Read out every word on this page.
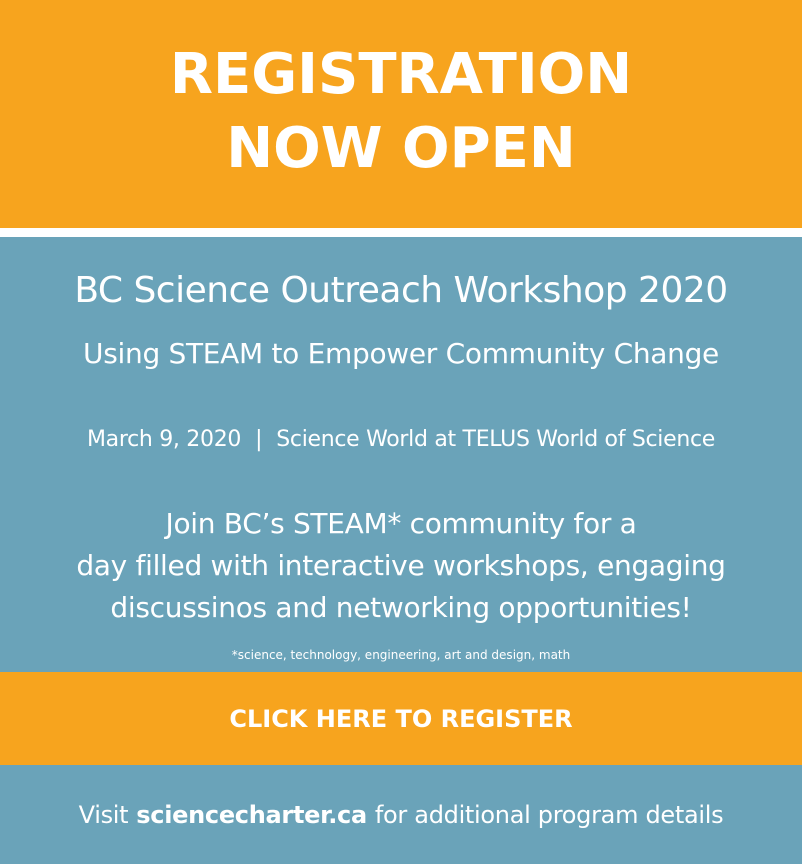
REGISTRATION
NOW OPEN
BC Science Outreach Workshop 2020
Using STEAM to Empower Community Change
March 9, 2020 | Science World at TELUS World of Science
Join BC’s STEAM* community for a
day filled with interactive workshops, engaging
discussinos and networking opportunities!
*science, technology, engineering, art and design, math
CLICK HERE TO REGISTER
Visit sciencecharter.ca for additional program details
